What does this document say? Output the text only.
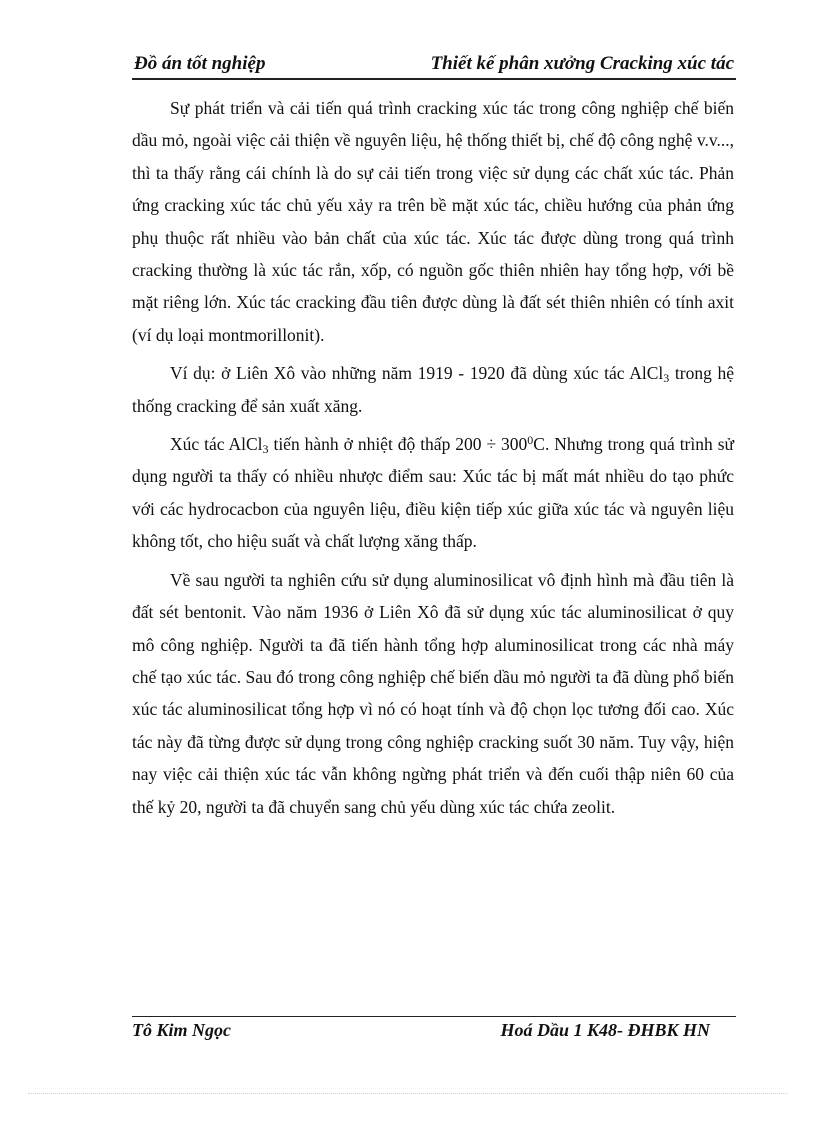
Đồ án tốt nghiệp	Thiết kế phân xưởng Cracking xúc tác

Sự phát triển và cải tiến quá trình cracking xúc tác trong công nghiệp chế biến dầu mỏ, ngoài việc cải thiện về nguyên liệu, hệ thống thiết bị, chế độ công nghệ v.v..., thì ta thấy rằng cái chính là do sự cải tiến trong việc sử dụng các chất xúc tác. Phản ứng cracking xúc tác chủ yếu xảy ra trên bề mặt xúc tác, chiều hướng của phản ứng phụ thuộc rất nhiều vào bản chất của xúc tác. Xúc tác được dùng trong quá trình cracking thường là xúc tác rắn, xốp, có nguồn gốc thiên nhiên hay tổng hợp, với bề mặt riêng lớn. Xúc tác cracking đầu tiên được dùng là đất sét thiên nhiên có tính axit (ví dụ loại montmorillonit).

Ví dụ: ở Liên Xô vào những năm 1919 - 1920 đã dùng xúc tác AlCl$_3$ trong hệ thống cracking để sản xuất xăng.

Xúc tác AlCl$_3$ tiến hành ở nhiệt độ thấp $200 \div 300^0C$. Nhưng trong quá trình sử dụng người ta thấy có nhiều nhược điểm sau: Xúc tác bị mất mát nhiều do tạo phức với các hydrocacbon của nguyên liệu, điều kiện tiếp xúc giữa xúc tác và nguyên liệu không tốt, cho hiệu suất và chất lượng xăng thấp.

Về sau người ta nghiên cứu sử dụng aluminosilicat vô định hình mà đầu tiên là đất sét bentonit. Vào năm 1936 ở Liên Xô đã sử dụng xúc tác aluminosilicat ở quy mô công nghiệp. Người ta đã tiến hành tổng hợp aluminosilicat trong các nhà máy chế tạo xúc tác. Sau đó trong công nghiệp chế biến dầu mỏ người ta đã dùng phổ biến xúc tác aluminosilicat tổng hợp vì nó có hoạt tính và độ chọn lọc tương đối cao. Xúc tác này đã từng được sử dụng trong công nghiệp cracking suốt 30 năm. Tuy vậy, hiện nay việc cải thiện xúc tác vẫn không ngừng phát triển và đến cuối thập niên 60 của thế kỷ 20, người ta đã chuyển sang chủ yếu dùng xúc tác chứa zeolit.

Tô Kim Ngọc	Hoá Dầu 1 K48- ĐHBK HN
